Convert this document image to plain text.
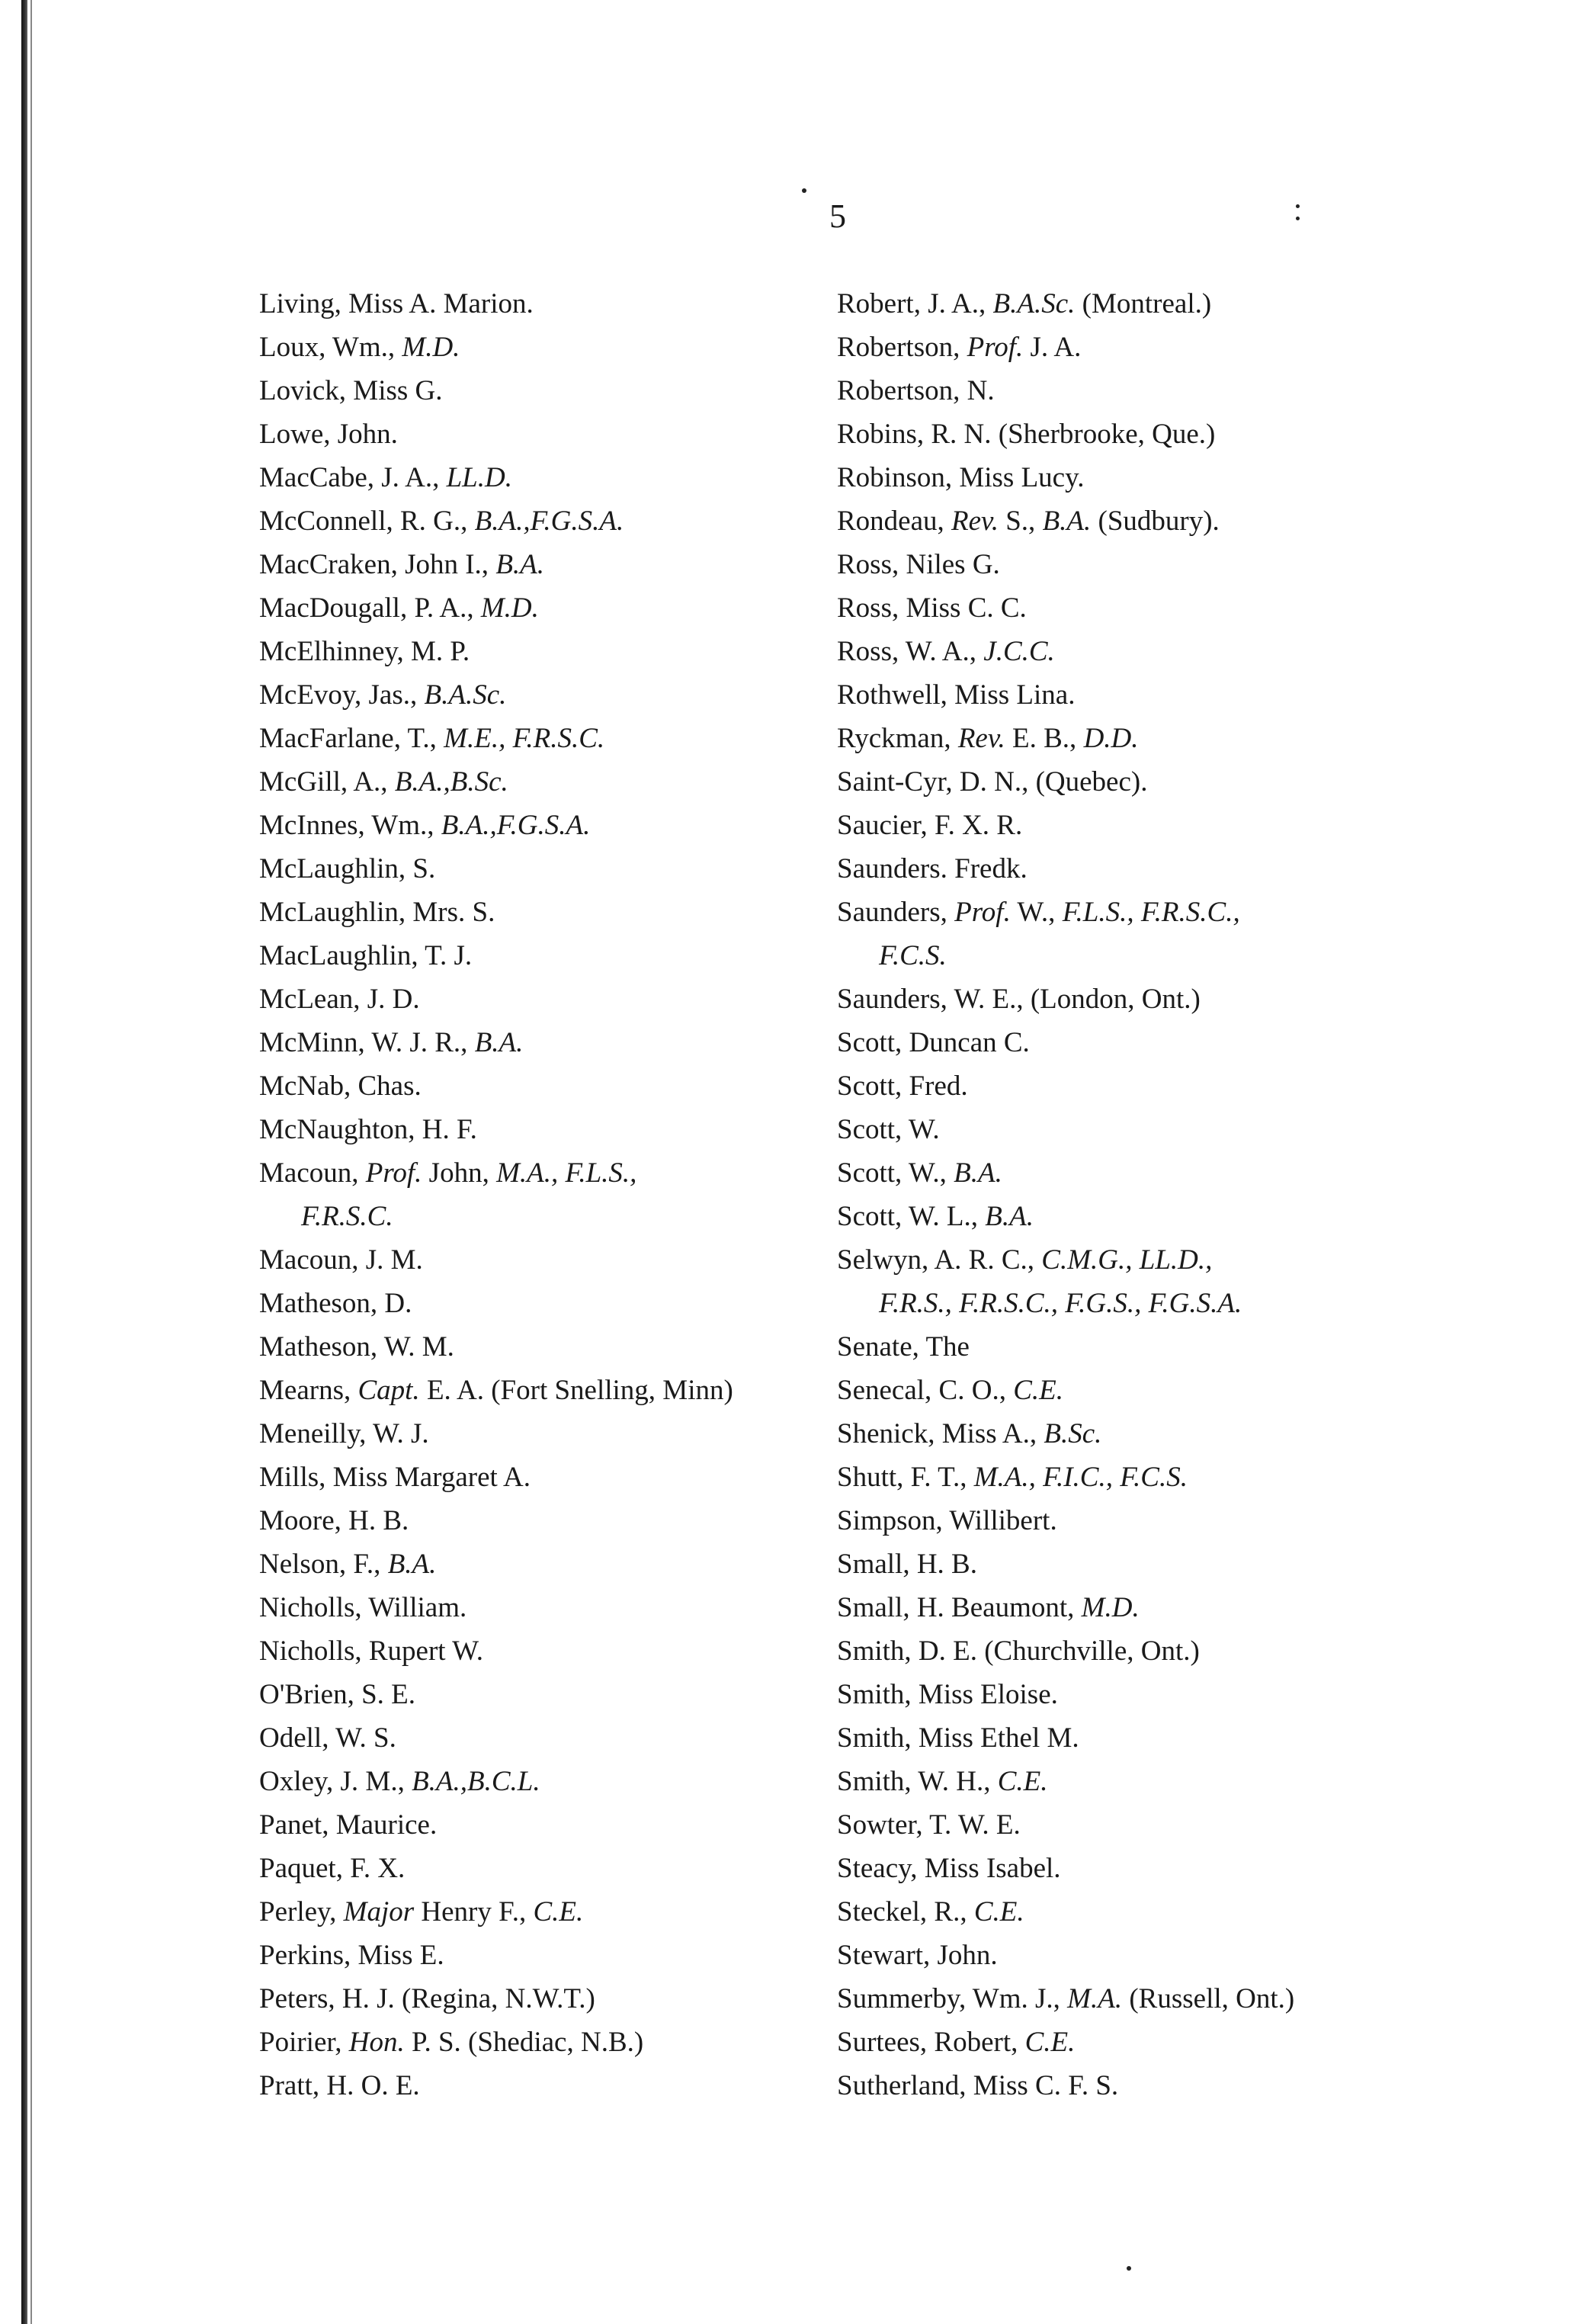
5
Living, Miss A. Marion.
Loux, Wm., M.D.
Lovick, Miss G.
Lowe, John.
MacCabe, J. A., LL.D.
McConnell, R. G., B.A.,F.G.S.A.
MacCraken, John I., B.A.
MacDougall, P. A., M.D.
McElhinney, M. P.
McEvoy, Jas., B.A.Sc.
MacFarlane, T., M.E., F.R.S.C.
McGill, A., B.A.,B.Sc.
McInnes, Wm., B.A.,F.G.S.A.
McLaughlin, S.
McLaughlin, Mrs. S.
MacLaughlin, T. J.
McLean, J. D.
McMinn, W. J. R., B.A.
McNab, Chas.
McNaughton, H. F.
Macoun, Prof. John, M.A., F.L.S.,
F.R.S.C.
Macoun, J. M.
Matheson, D.
Matheson, W. M.
Mearns, Capt. E. A. (Fort Snelling, Minn)
Meneilly, W. J.
Mills, Miss Margaret A.
Moore, H. B.
Nelson, F., B.A.
Nicholls, William.
Nicholls, Rupert W.
O'Brien, S. E.
Odell, W. S.
Oxley, J. M., B.A.,B.C.L.
Panet, Maurice.
Paquet, F. X.
Perley, Major Henry F., C.E.
Perkins, Miss E.
Peters, H. J. (Regina, N.W.T.)
Poirier, Hon. P. S. (Shediac, N.B.)
Pratt, H. O. E.
Robert, J. A., B.A.Sc. (Montreal.)
Robertson, Prof. J. A.
Robertson, N.
Robins, R. N. (Sherbrooke, Que.)
Robinson, Miss Lucy.
Rondeau, Rev. S., B.A. (Sudbury).
Ross, Niles G.
Ross, Miss C. C.
Ross, W. A., J.C.C.
Rothwell, Miss Lina.
Ryckman, Rev. E. B., D.D.
Saint-Cyr, D. N., (Quebec).
Saucier, F. X. R.
Saunders. Fredk.
Saunders, Prof. W., F.L.S., F.R.S.C.,
F.C.S.
Saunders, W. E., (London, Ont.)
Scott, Duncan C.
Scott, Fred.
Scott, W.
Scott, W., B.A.
Scott, W. L., B.A.
Selwyn, A. R. C., C.M.G., LL.D.,
F.R.S., F.R.S.C., F.G.S., F.G.S.A.
Senate, The
Senecal, C. O., C.E.
Shenick, Miss A., B.Sc.
Shutt, F. T., M.A., F.I.C., F.C.S.
Simpson, Willibert.
Small, H. B.
Small, H. Beaumont, M.D.
Smith, D. E. (Churchville, Ont.)
Smith, Miss Eloise.
Smith, Miss Ethel M.
Smith, W. H., C.E.
Sowter, T. W. E.
Steacy, Miss Isabel.
Steckel, R., C.E.
Stewart, John.
Summerby, Wm. J., M.A. (Russell, Ont.)
Surtees, Robert, C.E.
Sutherland, Miss C. F. S.
